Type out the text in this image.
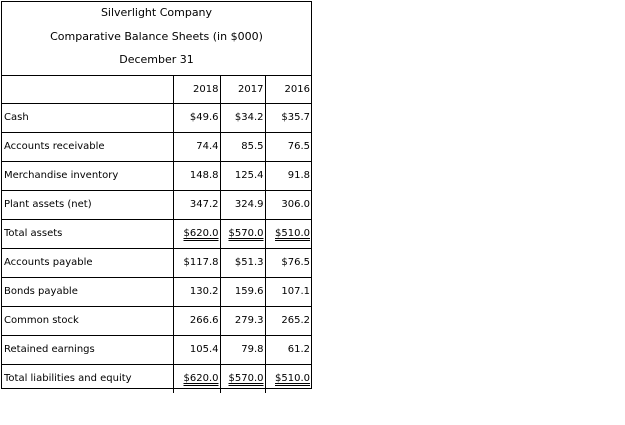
Silverlight Company
Comparative Balance Sheets (in $000)
December 31
	2018	2017	2016
Cash	$49.6	$34.2	$35.7
Accounts receivable	74.4	85.5	76.5
Merchandise inventory	148.8	125.4	91.8
Plant assets (net)	347.2	324.9	306.0
Total assets	$620.0	$570.0	$510.0
Accounts payable	$117.8	$51.3	$76.5
Bonds payable	130.2	159.6	107.1
Common stock	266.6	279.3	265.2
Retained earnings	105.4	79.8	61.2
Total liabilities and equity	$620.0	$570.0	$510.0
